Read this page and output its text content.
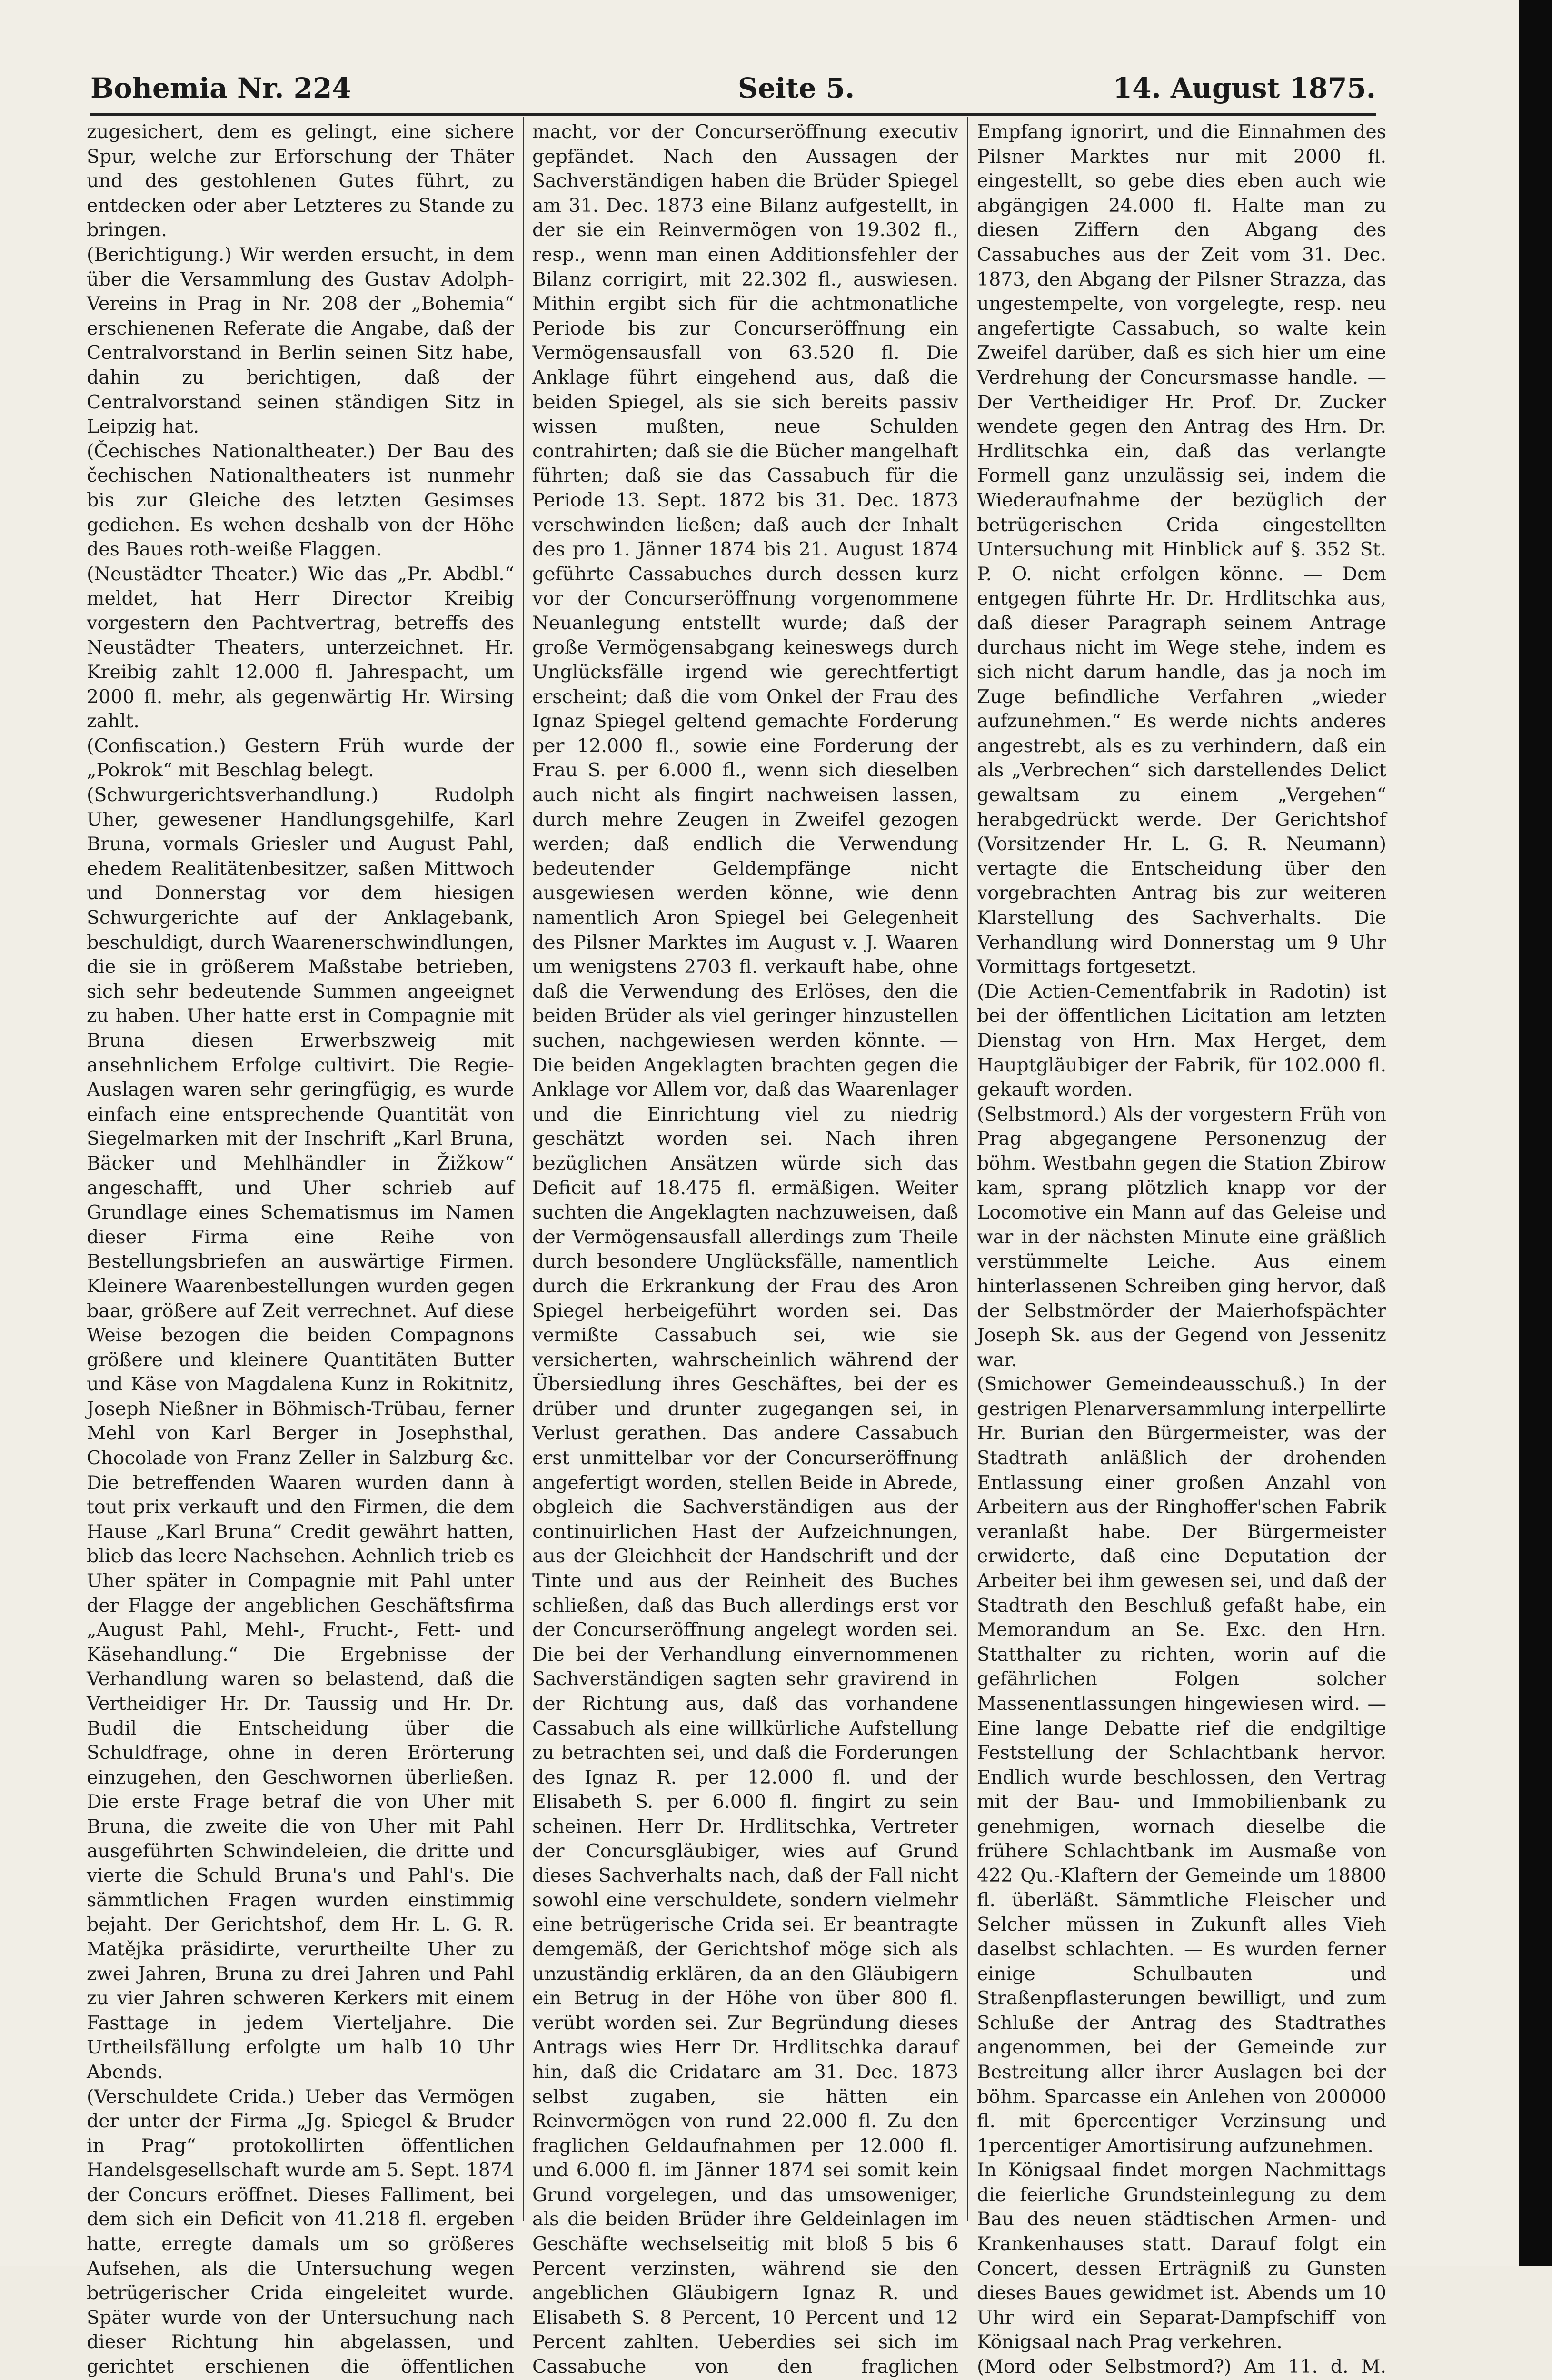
Bohemia Nr. 224	Seite 5.	14. August 1875.

zugesichert, dem es gelingt, eine sichere Spur, welche zur Erforschung der Thäter und des gestohlenen Gutes führt, zu entdecken oder aber Letzteres zu Stande zu bringen.

(Berichtigung.) Wir werden ersucht, in dem über die Versammlung des Gustav Adolph-Vereins in Prag in Nr. 208 der „Bohemia“ erschienenen Referate die Angabe, daß der Centralvorstand in Berlin seinen Sitz habe, dahin zu berichtigen, daß der Centralvorstand seinen ständigen Sitz in Leipzig hat.

(Čechisches Nationaltheater.) Der Bau des čechischen Nationaltheaters ist nunmehr bis zur Gleiche des letzten Gesimses gediehen. Es wehen deshalb von der Höhe des Baues roth-weiße Flaggen.

(Neustädter Theater.) Wie das „Pr. Abdbl.“ meldet, hat Herr Director Kreibig vorgestern den Pachtvertrag, betreffs des Neustädter Theaters, unterzeichnet. Hr. Kreibig zahlt 12.000 fl. Jahrespacht, um 2000 fl. mehr, als gegenwärtig Hr. Wirsing zahlt.

(Confiscation.) Gestern Früh wurde der „Pokrok“ mit Beschlag belegt.

(Schwurgerichtsverhandlung.) Rudolph Uher, gewesener Handlungsgehilfe, Karl Bruna, vormals Griesler und August Pahl, ehedem Realitätenbesitzer, saßen Mittwoch und Donnerstag vor dem hiesigen Schwurgerichte auf der Anklagebank, beschuldigt, durch Waarenerschwindlungen, die sie in größerem Maßstabe betrieben, sich sehr bedeutende Summen angeeignet zu haben. Uher hatte erst in Compagnie mit Bruna diesen Erwerbszweig mit ansehnlichem Erfolge cultivirt. Die Regie-Auslagen waren sehr geringfügig, es wurde einfach eine entsprechende Quantität von Siegelmarken mit der Inschrift „Karl Bruna, Bäcker und Mehlhändler in Žižkow“ angeschafft, und Uher schrieb auf Grundlage eines Schematismus im Namen dieser Firma eine Reihe von Bestellungsbriefen an auswärtige Firmen. Kleinere Waarenbestellungen wurden gegen baar, größere auf Zeit verrechnet. Auf diese Weise bezogen die beiden Compagnons größere und kleinere Quantitäten Butter und Käse von Magdalena Kunz in Rokitnitz, Joseph Nießner in Böhmisch-Trübau, ferner Mehl von Karl Berger in Josephsthal, Chocolade von Franz Zeller in Salzburg &c. Die betreffenden Waaren wurden dann à tout prix verkauft und den Firmen, die dem Hause „Karl Bruna“ Credit gewährt hatten, blieb das leere Nachsehen. Aehnlich trieb es Uher später in Compagnie mit Pahl unter der Flagge der angeblichen Geschäftsfirma „August Pahl, Mehl-, Frucht-, Fett- und Käsehandlung.“ Die Ergebnisse der Verhandlung waren so belastend, daß die Vertheidiger Hr. Dr. Taussig und Hr. Dr. Budil die Entscheidung über die Schuldfrage, ohne in deren Erörterung einzugehen, den Geschwornen überließen. Die erste Frage betraf die von Uher mit Bruna, die zweite die von Uher mit Pahl ausgeführten Schwindeleien, die dritte und vierte die Schuld Bruna's und Pahl's. Die sämmtlichen Fragen wurden einstimmig bejaht. Der Gerichtshof, dem Hr. L. G. R. Matějka präsidirte, verurtheilte Uher zu zwei Jahren, Bruna zu drei Jahren und Pahl zu vier Jahren schweren Kerkers mit einem Fasttage in jedem Vierteljahre. Die Urtheilsfällung erfolgte um halb 10 Uhr Abends.

(Verschuldete Crida.) Ueber das Vermögen der unter der Firma „Jg. Spiegel & Bruder in Prag“ protokollirten öffentlichen Handelsgesellschaft wurde am 5. Sept. 1874 der Concurs eröffnet. Dieses Falliment, bei dem sich ein Deficit von 41.218 fl. ergeben hatte, erregte damals um so größeres Aufsehen, als die Untersuchung wegen betrügerischer Crida eingeleitet wurde. Später wurde von der Untersuchung nach dieser Richtung hin abgelassen, und gerichtet erschienen die öffentlichen

macht, vor der Concurseröffnung executiv gepfändet. Nach den Aussagen der Sachverständigen haben die Brüder Spiegel am 31. Dec. 1873 eine Bilanz aufgestellt, in der sie ein Reinvermögen von 19.302 fl., resp., wenn man einen Additionsfehler der Bilanz corrigirt, mit 22.302 fl., auswiesen. Mithin ergibt sich für die achtmonatliche Periode bis zur Concurseröffnung ein Vermögensausfall von 63.520 fl. Die Anklage führt eingehend aus, daß die beiden Spiegel, als sie sich bereits passiv wissen mußten, neue Schulden contrahirten; daß sie die Bücher mangelhaft führten; daß sie das Cassabuch für die Periode 13. Sept. 1872 bis 31. Dec. 1873 verschwinden ließen; daß auch der Inhalt des pro 1. Jänner 1874 bis 21. August 1874 geführte Cassabuches durch dessen kurz vor der Concurseröffnung vorgenommene Neuanlegung entstellt wurde; daß der große Vermögensabgang keineswegs durch Unglücksfälle irgend wie gerechtfertigt erscheint; daß die vom Onkel der Frau des Ignaz Spiegel geltend gemachte Forderung per 12.000 fl., sowie eine Forderung der Frau S. per 6.000 fl., wenn sich dieselben auch nicht als fingirt nachweisen lassen, durch mehre Zeugen in Zweifel gezogen werden; daß endlich die Verwendung bedeutender Geldempfänge nicht ausgewiesen werden könne, wie denn namentlich Aron Spiegel bei Gelegenheit des Pilsner Marktes im August v. J. Waaren um wenigstens 2703 fl. verkauft habe, ohne daß die Verwendung des Erlöses, den die beiden Brüder als viel geringer hinzustellen suchen, nachgewiesen werden könnte. — Die beiden Angeklagten brachten gegen die Anklage vor Allem vor, daß das Waarenlager und die Einrichtung viel zu niedrig geschätzt worden sei. Nach ihren bezüglichen Ansätzen würde sich das Deficit auf 18.475 fl. ermäßigen. Weiter suchten die Angeklagten nachzuweisen, daß der Vermögensausfall allerdings zum Theile durch besondere Unglücksfälle, namentlich durch die Erkrankung der Frau des Aron Spiegel herbeigeführt worden sei. Das vermißte Cassabuch sei, wie sie versicherten, wahrscheinlich während der Übersiedlung ihres Geschäftes, bei der es drüber und drunter zugegangen sei, in Verlust gerathen. Das andere Cassabuch erst unmittelbar vor der Concurseröffnung angefertigt worden, stellen Beide in Abrede, obgleich die Sachverständigen aus der continuirlichen Hast der Aufzeichnungen, aus der Gleichheit der Handschrift und der Tinte und aus der Reinheit des Buches schließen, daß das Buch allerdings erst vor der Concurseröffnung angelegt worden sei. Die bei der Verhandlung einvernommenen Sachverständigen sagten sehr gravirend in der Richtung aus, daß das vorhandene Cassabuch als eine willkürliche Aufstellung zu betrachten sei, und daß die Forderungen des Ignaz R. per 12.000 fl. und der Elisabeth S. per 6.000 fl. fingirt zu sein scheinen. Herr Dr. Hrdlitschka, Vertreter der Concursgläubiger, wies auf Grund dieses Sachverhalts nach, daß der Fall nicht sowohl eine verschuldete, sondern vielmehr eine betrügerische Crida sei. Er beantragte demgemäß, der Gerichtshof möge sich als unzuständig erklären, da an den Gläubigern ein Betrug in der Höhe von über 800 fl. verübt worden sei. Zur Begründung dieses Antrags wies Herr Dr. Hrdlitschka darauf hin, daß die Cridatare am 31. Dec. 1873 selbst zugaben, sie hätten ein Reinvermögen von rund 22.000 fl. Zu den fraglichen Geldaufnahmen per 12.000 fl. und 6.000 fl. im Jänner 1874 sei somit kein Grund vorgelegen, und das umsoweniger, als die beiden Brüder ihre Geldeinlagen im Geschäfte wechselseitig mit bloß 5 bis 6 Percent verzinsten, während sie den angeblichen Gläubigern Ignaz R. und Elisabeth S. 8 Percent, 10 Percent und 12 Percent zahlten. Ueberdies sei sich im Cassabuche von den fraglichen

Empfang ignorirt, und die Einnahmen des Pilsner Marktes nur mit 2000 fl. eingestellt, so gebe dies eben auch wie abgängigen 24.000 fl. Halte man zu diesen Ziffern den Abgang des Cassabuches aus der Zeit vom 31. Dec. 1873, den Abgang der Pilsner Strazza, das ungestempelte, von vorgelegte, resp. neu angefertigte Cassabuch, so walte kein Zweifel darüber, daß es sich hier um eine Verdrehung der Concursmasse handle. — Der Vertheidiger Hr. Prof. Dr. Zucker wendete gegen den Antrag des Hrn. Dr. Hrdlitschka ein, daß das verlangte Formell ganz unzulässig sei, indem die Wiederaufnahme der bezüglich der betrügerischen Crida eingestellten Untersuchung mit Hinblick auf §. 352 St. P. O. nicht erfolgen könne. — Dem entgegen führte Hr. Dr. Hrdlitschka aus, daß dieser Paragraph seinem Antrage durchaus nicht im Wege stehe, indem es sich nicht darum handle, das ja noch im Zuge befindliche Verfahren „wieder aufzunehmen.“ Es werde nichts anderes angestrebt, als es zu verhindern, daß ein als „Verbrechen“ sich darstellendes Delict gewaltsam zu einem „Vergehen“ herabgedrückt werde. Der Gerichtshof (Vorsitzender Hr. L. G. R. Neumann) vertagte die Entscheidung über den vorgebrachten Antrag bis zur weiteren Klarstellung des Sachverhalts. Die Verhandlung wird Donnerstag um 9 Uhr Vormittags fortgesetzt.

(Die Actien-Cementfabrik in Radotin) ist bei der öffentlichen Licitation am letzten Dienstag von Hrn. Max Herget, dem Hauptgläubiger der Fabrik, für 102.000 fl. gekauft worden.

(Selbstmord.) Als der vorgestern Früh von Prag abgegangene Personenzug der böhm. Westbahn gegen die Station Zbirow kam, sprang plötzlich knapp vor der Locomotive ein Mann auf das Geleise und war in der nächsten Minute eine gräßlich verstümmelte Leiche. Aus einem hinterlassenen Schreiben ging hervor, daß der Selbstmörder der Maierhofspächter Joseph Sk. aus der Gegend von Jessenitz war.

(Smichower Gemeindeausschuß.) In der gestrigen Plenarversammlung interpellirte Hr. Burian den Bürgermeister, was der Stadtrath anläßlich der drohenden Entlassung einer großen Anzahl von Arbeitern aus der Ringhoffer'schen Fabrik veranlaßt habe. Der Bürgermeister erwiderte, daß eine Deputation der Arbeiter bei ihm gewesen sei, und daß der Stadtrath den Beschluß gefaßt habe, ein Memorandum an Se. Exc. den Hrn. Statthalter zu richten, worin auf die gefährlichen Folgen solcher Massenentlassungen hingewiesen wird. — Eine lange Debatte rief die endgiltige Feststellung der Schlachtbank hervor. Endlich wurde beschlossen, den Vertrag mit der Bau- und Immobilienbank zu genehmigen, wornach dieselbe die frühere Schlachtbank im Ausmaße von 422 Qu.-Klaftern der Gemeinde um 18800 fl. überläßt. Sämmtliche Fleischer und Selcher müssen in Zukunft alles Vieh daselbst schlachten. — Es wurden ferner einige Schulbauten und Straßenpflasterungen bewilligt, und zum Schluße der Antrag des Stadtrathes angenommen, bei der Gemeinde zur Bestreitung aller ihrer Auslagen bei der böhm. Sparcasse ein Anlehen von 200000 fl. mit 6percentiger Verzinsung und 1percentiger Amortisirung aufzunehmen.

In Königsaal findet morgen Nachmittags die feierliche Grundsteinlegung zu dem Bau des neuen städtischen Armen- und Krankenhauses statt. Darauf folgt ein Concert, dessen Erträgniß zu Gunsten dieses Baues gewidmet ist. Abends um 10 Uhr wird ein Separat-Dampfschiff von Königsaal nach Prag verkehren.

(Mord oder Selbstmord?) Am 11. d. M.
